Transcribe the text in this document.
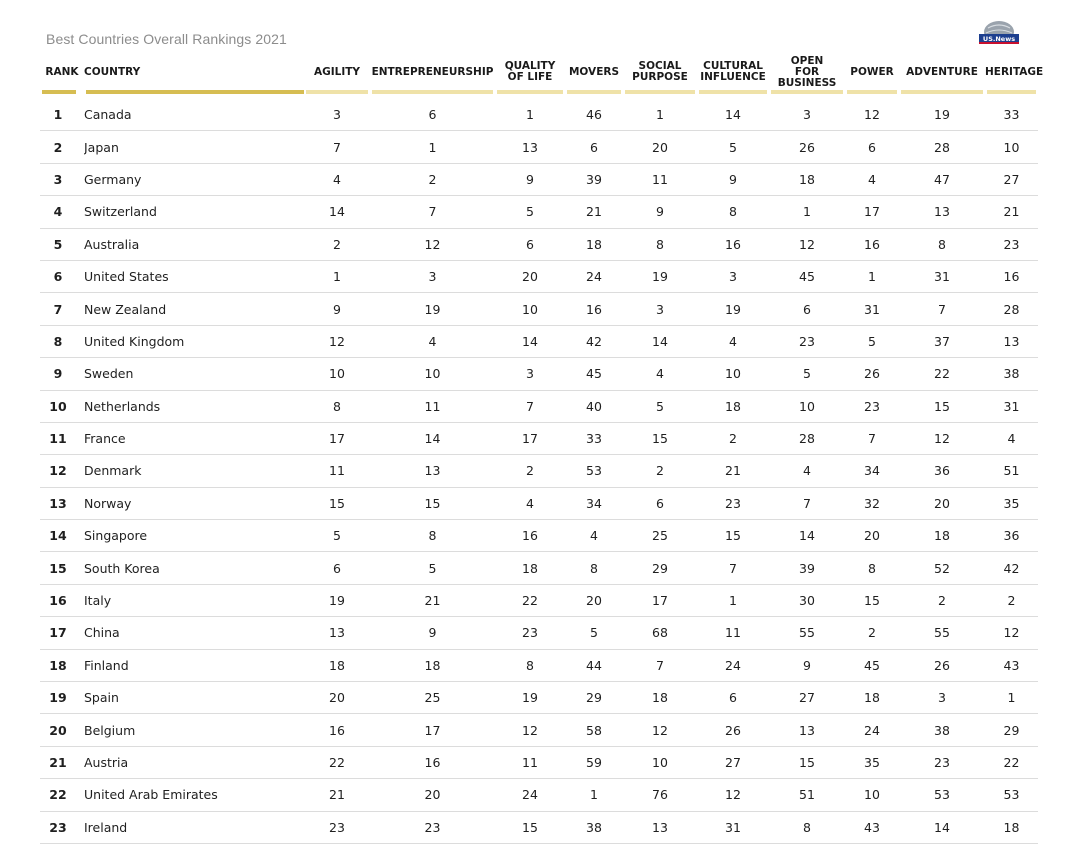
Best Countries Overall Rankings 2021	US.News
RANK	COUNTRY	AGILITY	ENTREPRENEURSHIP	QUALITY
OF LIFE	MOVERS	SOCIAL
PURPOSE	CULTURAL
INFLUENCE	OPEN
FOR
BUSINESS	POWER	ADVENTURE	HERITAGE

1	Canada	3	6	1	46	1	14	3	12	19	33
2	Japan	7	1	13	6	20	5	26	6	28	10
3	Germany	4	2	9	39	11	9	18	4	47	27
4	Switzerland	14	7	5	21	9	8	1	17	13	21
5	Australia	2	12	6	18	8	16	12	16	8	23
6	United States	1	3	20	24	19	3	45	1	31	16
7	New Zealand	9	19	10	16	3	19	6	31	7	28
8	United Kingdom	12	4	14	42	14	4	23	5	37	13
9	Sweden	10	10	3	45	4	10	5	26	22	38
10	Netherlands	8	11	7	40	5	18	10	23	15	31
11	France	17	14	17	33	15	2	28	7	12	4
12	Denmark	11	13	2	53	2	21	4	34	36	51
13	Norway	15	15	4	34	6	23	7	32	20	35
14	Singapore	5	8	16	4	25	15	14	20	18	36
15	South Korea	6	5	18	8	29	7	39	8	52	42
16	Italy	19	21	22	20	17	1	30	15	2	2
17	China	13	9	23	5	68	11	55	2	55	12
18	Finland	18	18	8	44	7	24	9	45	26	43
19	Spain	20	25	19	29	18	6	27	18	3	1
20	Belgium	16	17	12	58	12	26	13	24	38	29
21	Austria	22	16	11	59	10	27	15	35	23	22
22	United Arab Emirates	21	20	24	1	76	12	51	10	53	53
23	Ireland	23	23	15	38	13	31	8	43	14	18
